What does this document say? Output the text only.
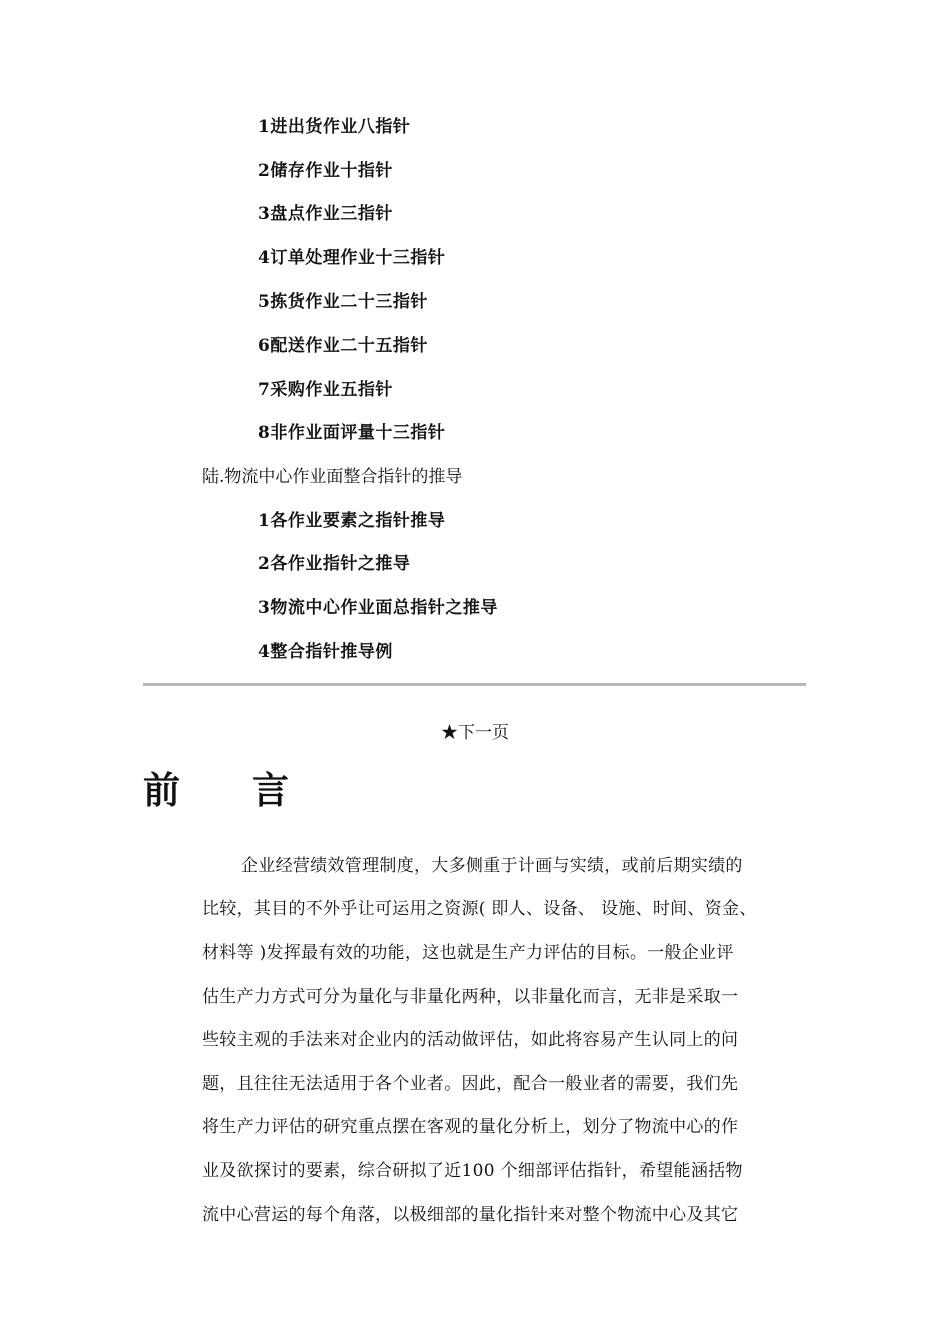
1进出货作业八指针
2储存作业十指针
3盘点作业三指针
4订单处理作业十三指针
5拣货作业二十三指针
6配送作业二十五指针
7采购作业五指针
8非作业面评量十三指针
陆.物流中心作业面整合指针的推导
1各作业要素之指针推导
2各作业指针之推导
3物流中心作业面总指针之推导
4整合指针推导例
★下一页
前言
企业经营绩效管理制度，大多侧重于计画与实绩，或前后期实绩的
比较，其目的不外乎让可运用之资源( 即人、设备、 设施、时间、资金、
材料等 )发挥最有效的功能，这也就是生产力评估的目标。一般企业评
估生产力方式可分为量化与非量化两种，以非量化而言，无非是采取一
些较主观的手法来对企业内的活动做评估，如此将容易产生认同上的问
题，且往往无法适用于各个业者。因此，配合一般业者的需要，我们先
将生产力评估的研究重点摆在客观的量化分析上，划分了物流中心的作
业及欲探讨的要素，综合研拟了近100 个细部评估指针，希望能涵括物
流中心营运的每个角落，以极细部的量化指针来对整个物流中心及其它
